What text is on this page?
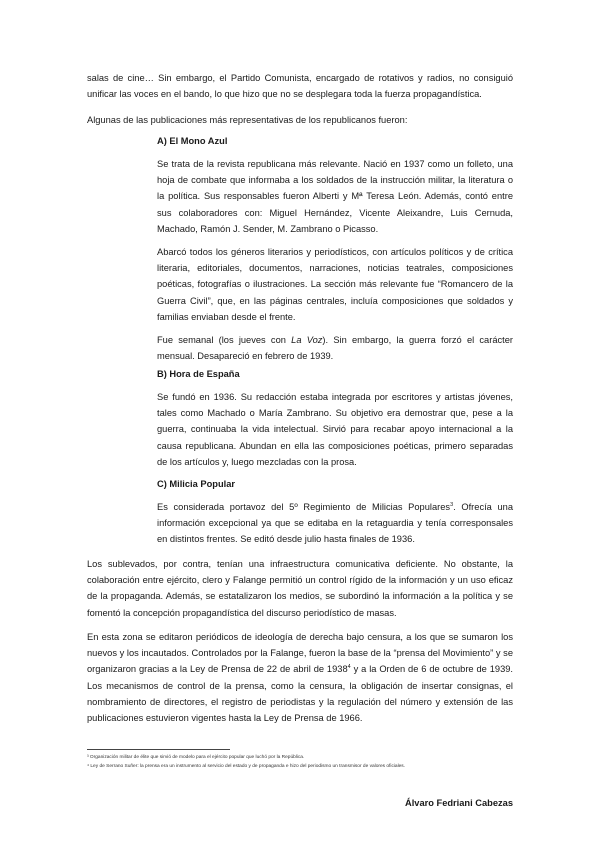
salas de cine… Sin embargo, el Partido Comunista, encargado de rotativos y radios, no consiguió unificar las voces en el bando, lo que hizo que no se desplegara toda la fuerza propagandística.

Algunas de las publicaciones más representativas de los republicanos fueron:

A) El Mono Azul

Se trata de la revista republicana más relevante. Nació en 1937 como un folleto, una hoja de combate que informaba a los soldados de la instrucción militar, la literatura o la política. Sus responsables fueron Alberti y Mª Teresa León. Además, contó entre sus colaboradores con: Miguel Hernández, Vicente Aleixandre, Luis Cernuda, Machado, Ramón J. Sender, M. Zambrano o Picasso.

Abarcó todos los géneros literarios y periodísticos, con artículos políticos y de crítica literaria, editoriales, documentos, narraciones, noticias teatrales, composiciones poéticas, fotografías o ilustraciones. La sección más relevante fue “Romancero de la Guerra Civil”, que, en las páginas centrales, incluía composiciones que soldados y familias enviaban desde el frente.

Fue semanal (los jueves con La Voz). Sin embargo, la guerra forzó el carácter mensual. Desapareció en febrero de 1939.

B) Hora de España

Se fundó en 1936. Su redacción estaba integrada por escritores y artistas jóvenes, tales como Machado o María Zambrano. Su objetivo era demostrar que, pese a la guerra, continuaba la vida intelectual. Sirvió para recabar apoyo internacional a la causa republicana. Abundan en ella las composiciones poéticas, primero separadas de los artículos y, luego mezcladas con la prosa.

C) Milicia Popular

Es considerada portavoz del 5º Regimiento de Milicias Populares$^3$. Ofrecía una información excepcional ya que se editaba en la retaguardia y tenía corresponsales en distintos frentes. Se editó desde julio hasta finales de 1936.

Los sublevados, por contra, tenían una infraestructura comunicativa deficiente. No obstante, la colaboración entre ejército, clero y Falange permitió un control rígido de la información y un uso eficaz de la propaganda. Además, se estatalizaron los medios, se subordinó la información a la política y se fomentó la concepción propagandística del discurso periodístico de masas.

En esta zona se editaron periódicos de ideología de derecha bajo censura, a los que se sumaron los nuevos y los incautados. Controlados por la Falange, fueron la base de la “prensa del Movimiento” y se organizaron gracias a la Ley de Prensa de 22 de abril de 1938$^4$ y a la Orden de 6 de octubre de 1939. Los mecanismos de control de la prensa, como la censura, la obligación de insertar consignas, el nombramiento de directores, el registro de periodistas y la regulación del número y extensión de las publicaciones estuvieron vigentes hasta la Ley de Prensa de 1966.

³ Organización militar de élite que sirvió de modelo para el ejército popular que luchó por la República.
⁴ Ley de Serrano Suñer: la prensa era un instrumento al servicio del estado y de propaganda e hizo del periodismo un transmisor de valores oficiales.
Álvaro Fedriani Cabezas
